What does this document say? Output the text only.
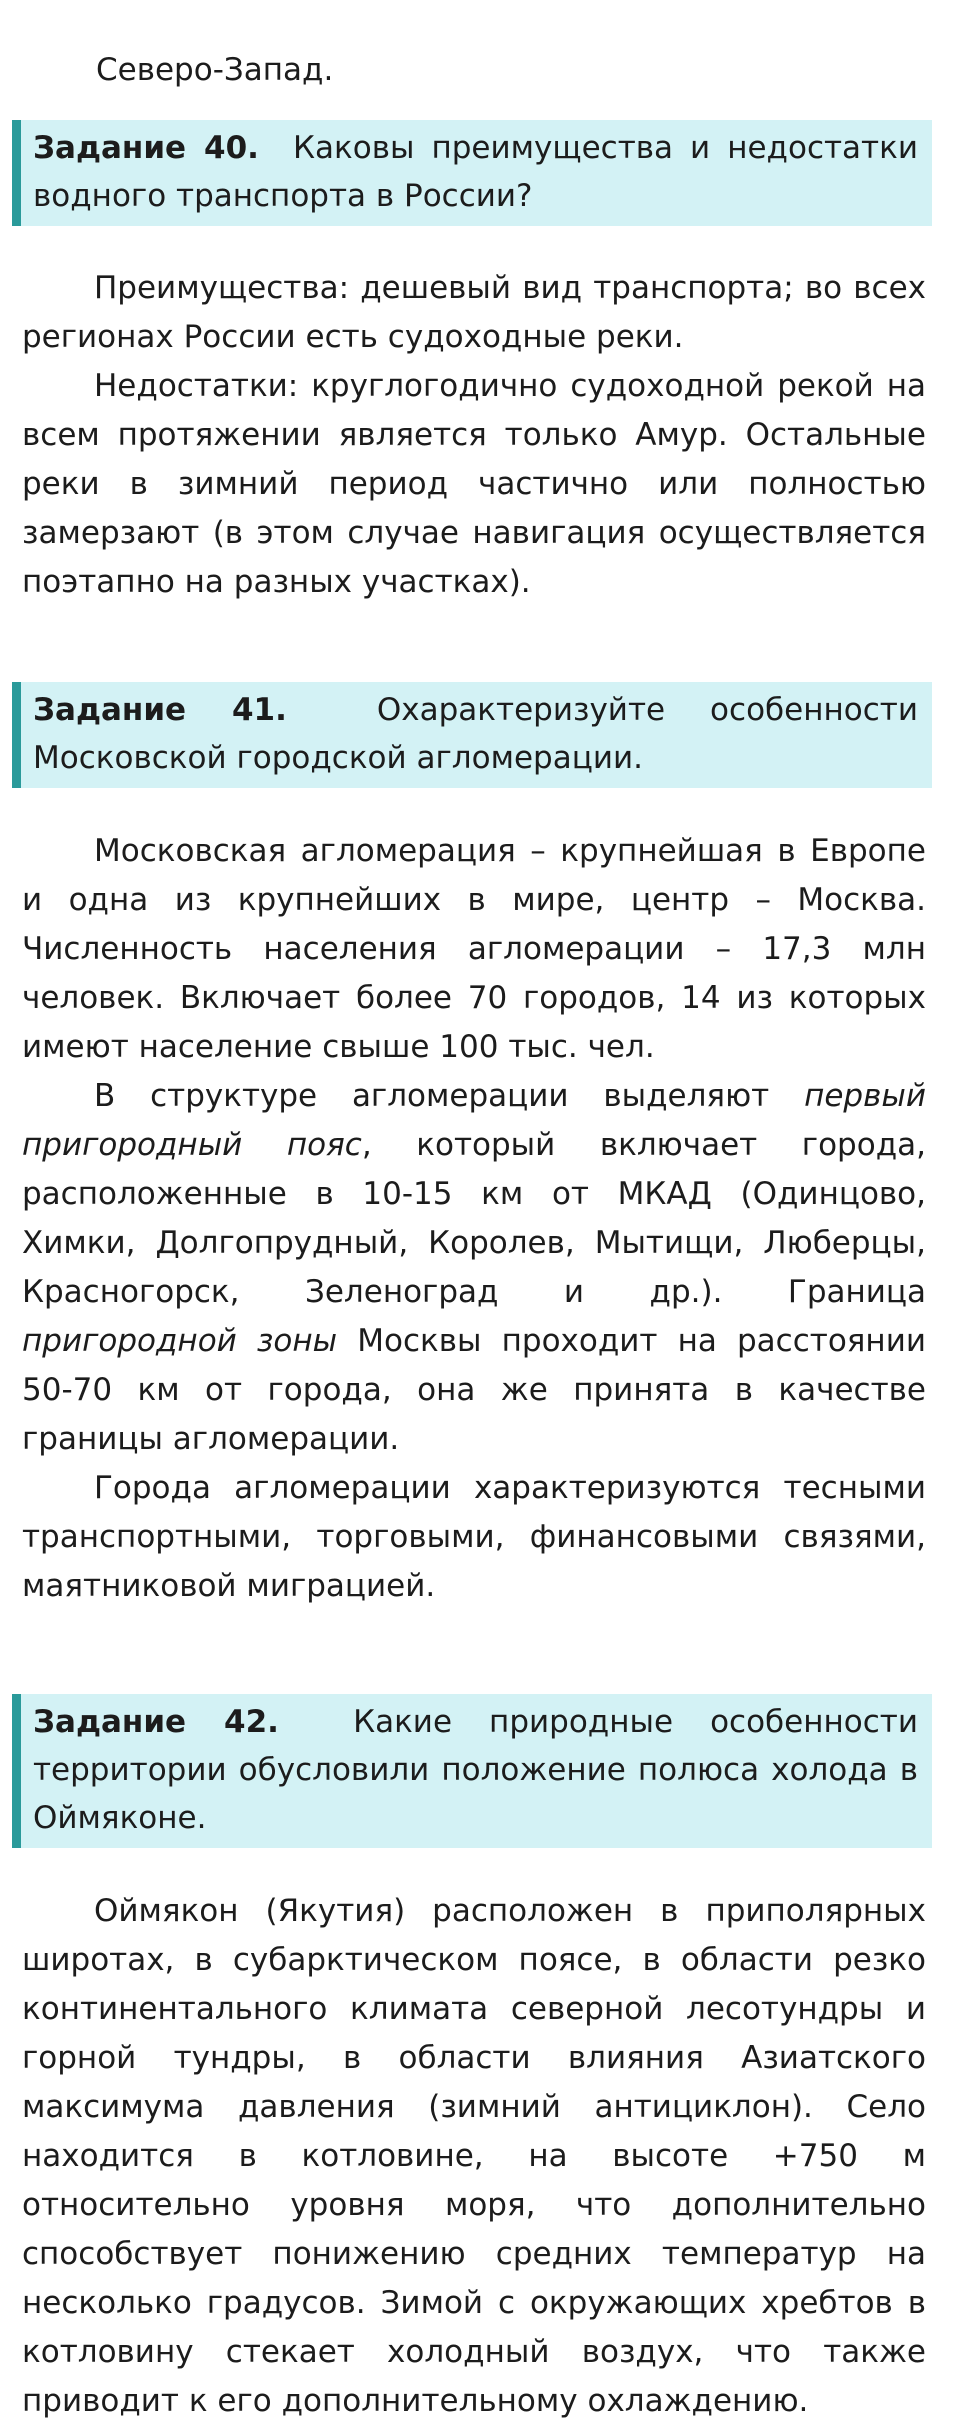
Северо-Запад.
Задание 40. Каковы преимущества и недостатки водного транспорта в России?

Преимущества: дешевый вид транспорта; во всех регионах России есть судоходные реки.

Недостатки: круглогодично судоходной рекой на всем протяжении является только Амур. Остальные реки в зимний период частично или полностью замерзают (в этом случае навигация осуществляется поэтапно на разных участках).

Задание 41.	Охарактеризуйте особенности Московской городской агломерации.

Московская агломерация – крупнейшая в Европе и одна из крупнейших в мире, центр – Москва. Численность населения агломерации – 17,3 млн человек. Включает более 70 городов, 14 из которых имеют население свыше 100 тыс. чел.

В структуре агломерации выделяют первый пригородный пояс, который включает города, расположенные в 10-15 км от МКАД (Одинцово, Химки, Долгопрудный, Королев, Мытищи, Люберцы, Красногорск, Зеленоград и др.). Граница пригородной зоны Москвы проходит на расстоянии 50-70 км от города, она же принята в качестве границы агломерации.

Города агломерации характеризуются тесными транспортными, торговыми, финансовыми связями, маятниковой миграцией.

Задание 42. Какие природные особенности территории обусловили положение полюса холода в Оймяконе.

Оймякон (Якутия) расположен в приполярных широтах, в субарктическом поясе, в области резко континентального климата северной лесотундры и горной тундры, в области влияния Азиатского максимума давления (зимний антициклон). Село находится в котловине, на высоте +750 м относительно уровня моря, что дополнительно способствует понижению средних температур на несколько градусов. Зимой с окружающих хребтов в котловину стекает холодный воздух, что также приводит к его дополнительному охлаждению.
